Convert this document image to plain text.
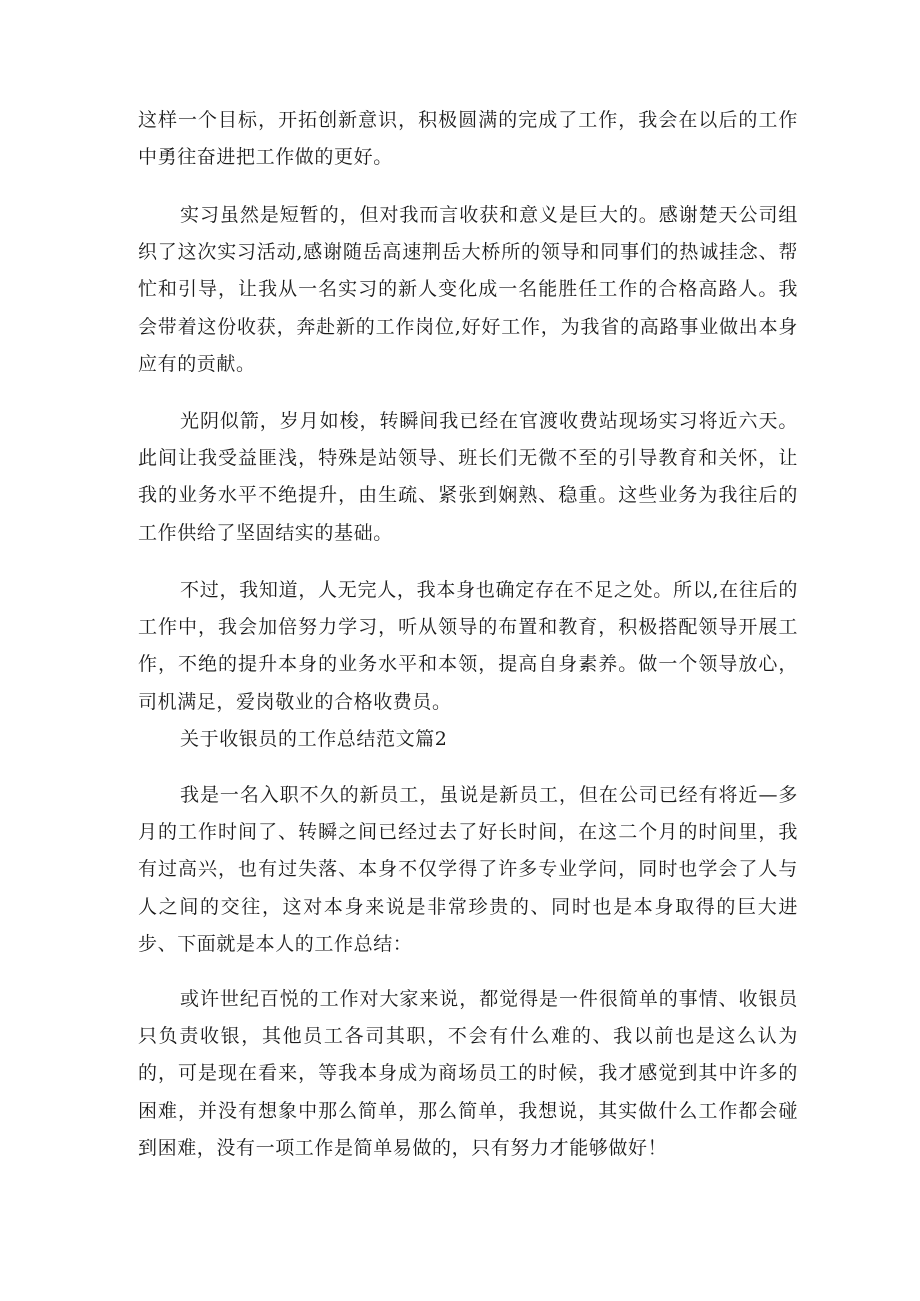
这样一个目标，开拓创新意识，积极圆满的完成了工作，我会在以后的工作中勇往奋进把工作做的更好。

实习虽然是短暂的，但对我而言收获和意义是巨大的。感谢楚天公司组织了这次实习活动,感谢随岳高速荆岳大桥所的领导和同事们的热诚挂念、帮忙和引导，让我从一名实习的新人变化成一名能胜任工作的合格高路人。我会带着这份收获，奔赴新的工作岗位,好好工作，为我省的高路事业做出本身应有的贡献。

光阴似箭，岁月如梭，转瞬间我已经在官渡收费站现场实习将近六天。此间让我受益匪浅，特殊是站领导、班长们无微不至的引导教育和关怀，让我的业务水平不绝提升，由生疏、紧张到娴熟、稳重。这些业务为我往后的工作供给了坚固结实的基础。

不过，我知道，人无完人，我本身也确定存在不足之处。所以,在往后的工作中，我会加倍努力学习，听从领导的布置和教育，积极搭配领导开展工作，不绝的提升本身的业务水平和本领，提高自身素养。做一个领导放心，司机满足，爱岗敬业的合格收费员。

关于收银员的工作总结范文篇2

我是一名入职不久的新员工，虽说是新员工，但在公司已经有将近—多月的工作时间了、转瞬之间已经过去了好长时间，在这二个月的时间里，我有过高兴，也有过失落、本身不仅学得了许多专业学问，同时也学会了人与人之间的交往，这对本身来说是非常珍贵的、同时也是本身取得的巨大进步、下面就是本人的工作总结：

或许世纪百悦的工作对大家来说，都觉得是一件很简单的事情、收银员只负责收银，其他员工各司其职，不会有什么难的、我以前也是这么认为的，可是现在看来，等我本身成为商场员工的时候，我才感觉到其中许多的困难，并没有想象中那么简单，那么简单，我想说，其实做什么工作都会碰到困难，没有一项工作是简单易做的，只有努力才能够做好！
